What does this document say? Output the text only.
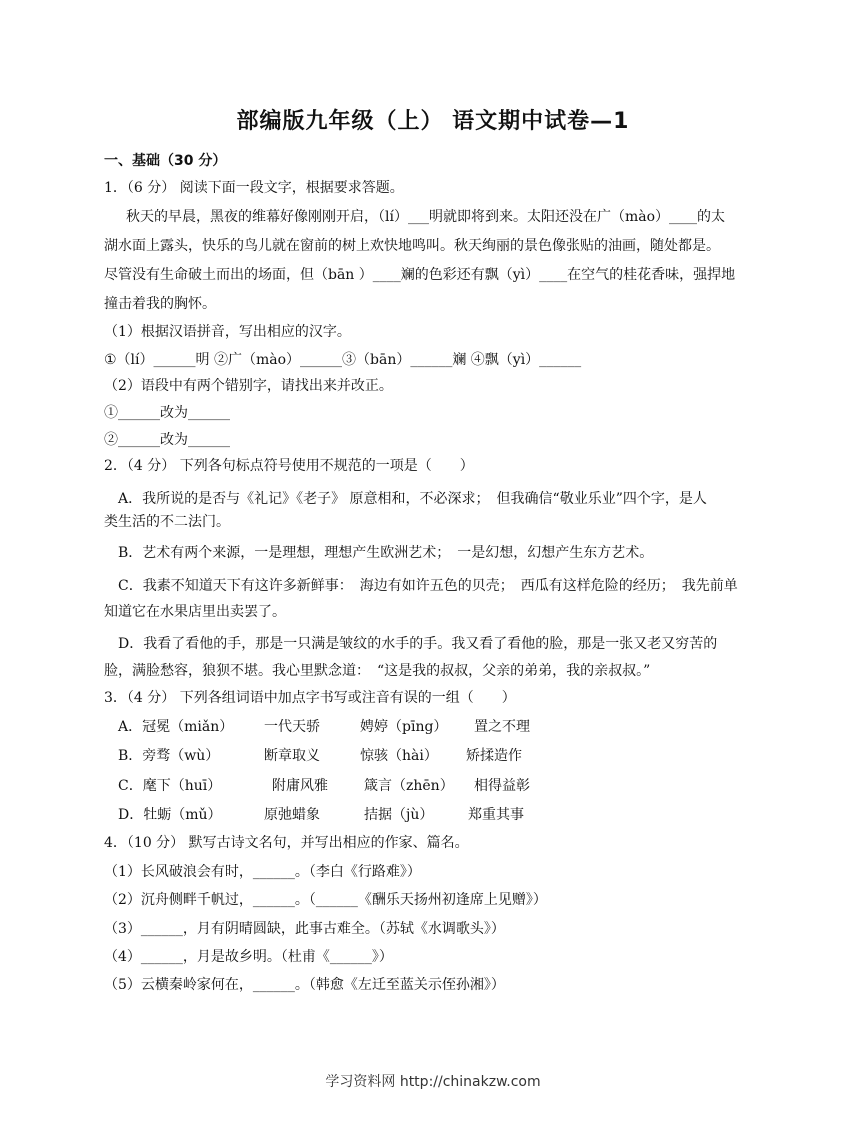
部编版九年级（上） 语文期中试卷—1
一、基础（30 分）
1．（6 分） 阅读下面一段文字，根据要求答题。
秋天的早晨，黑夜的维幕好像刚刚开启，（lí）___明就即将到来。太阳还没在广（mào）____的太
湖水面上露头，快乐的鸟儿就在窗前的树上欢快地鸣叫。秋天绚丽的景色像张贴的油画，随处都是。
尽管没有生命破土而出的场面，但（bān ）____斓的色彩还有飘（yì）____在空气的桂花香味，强捍地
撞击着我的胸怀。
（1）根据汉语拼音，写出相应的汉字。
①（lí）______明 ②广（mào）______③（bān）______斓 ④飘（yì）______
（2）语段中有两个错别字，请找出来并改正。
①______改为______
②______改为______
2．（4 分） 下列各句标点符号使用不规范的一项是（　　）
A．我所说的是否与《礼记》《老子》 原意相和，不必深求；　但我确信“敬业乐业”四个字，是人
类生活的不二法门。
B．艺术有两个来源，一是理想，理想产生欧洲艺术；　一是幻想，幻想产生东方艺术。
C．我素不知道天下有这许多新鲜事：　海边有如许五色的贝壳；　西瓜有这样危险的经历；　我先前单
知道它在水果店里出卖罢了。
D．我看了看他的手，那是一只满是皱纹的水手的手。我又看了看他的脸，那是一张又老又穷苦的
脸，满脸愁容，狼狈不堪。我心里默念道：　“这是我的叔叔，父亲的弟弟，我的亲叔叔。”
3．（4 分） 下列各组词语中加点字书写或注音有误的一组（　　）
A．冠冕（miǎn） 一代天骄	娉婷（pīng） 置之不理
B．旁骛（wù）	断章取义	惊骇（hài） 矫揉造作
C．麾下（huī）	附庸风雅	箴言（zhēn） 相得益彰
D．牡蛎（mǔ）	原弛蜡象	拮据（jù） 郑重其事
4．（10 分） 默写古诗文名句，并写出相应的作家、篇名。
（1）长风破浪会有时，______。（李白《行路难》）
（2）沉舟侧畔千帆过，______。（______《酬乐天扬州初逢席上见赠》）
（3）______，月有阴晴圆缺，此事古难全。（苏轼《水调歌头》）
（4）______，月是故乡明。（杜甫《______》）
（5）云横秦岭家何在，______。（韩愈《左迁至蓝关示侄孙湘》）
学习资料网 http://chinakzw.com
